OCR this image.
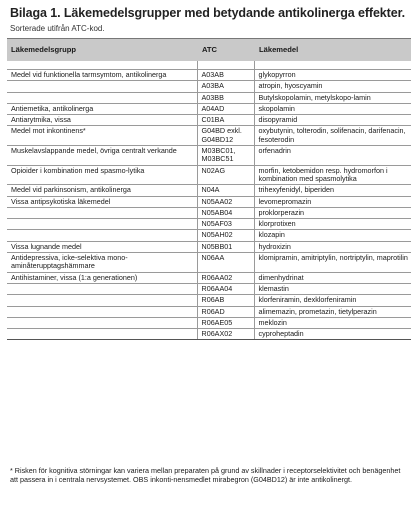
Bilaga 1. Läkemedelsgrupper med betydande antikolinerga effekter.
Sorterade utifrån ATC-kod.
Läkemedelsgrupp	ATC	Läkemedel

Medel vid funktionella tarmsymtom, antikolinerga	A03AB	glykopyrron
	A03BA	atropin, hyoscyamin
	A03BB	Butylskopolamin, metylskopo-lamin
Antiemetika, antikolinerga	A04AD	skopolamin
Antiarytmika, vissa	C01BA	disopyramid
Medel mot inkontinens*	G04BD exkl. G04BD12	oxybutynin, tolterodin, solifenacin, darifenacin, fesoterodin
Muskelavslappande medel, övriga centralt verkande	M03BC01, M03BC51	orfenadrin
Opioider i kombination med spasmo-lytika	N02AG	morfin, ketobemidon resp. hydromorfon i kombination med spasmolytika
Medel vid parkinsonism, antikolinerga	N04A	trihexyfenidyl, biperiden
Vissa antipsykotiska läkemedel	N05AA02	levomepromazin
	N05AB04	proklorperazin
	N05AF03	klorprotixen
	N05AH02	klozapin
Vissa lugnande medel	N05BB01	hydroxizin
Antidepressiva, icke-selektiva mono-aminåterupptagshämmare	N06AA	klomipramin, amitriptylin, nortriptylin, maprotilin
Antihistaminer, vissa (1:a generationen)	R06AA02	dimenhydrinat
	R06AA04	klemastin
	R06AB	klorfeniramin, dexklorfeniramin
	R06AD	alimemazin, prometazin, tietylperazin
	R06AE05	meklozin
	R06AX02	cyproheptadin
* Risken för kognitiva störningar kan variera mellan preparaten på grund av skillnader i receptorselektivitet och benägenhet att passera in i centrala nervsystemet. OBS inkonti-nensmedlet mirabegron (G04BD12) är inte antikolinergt.
